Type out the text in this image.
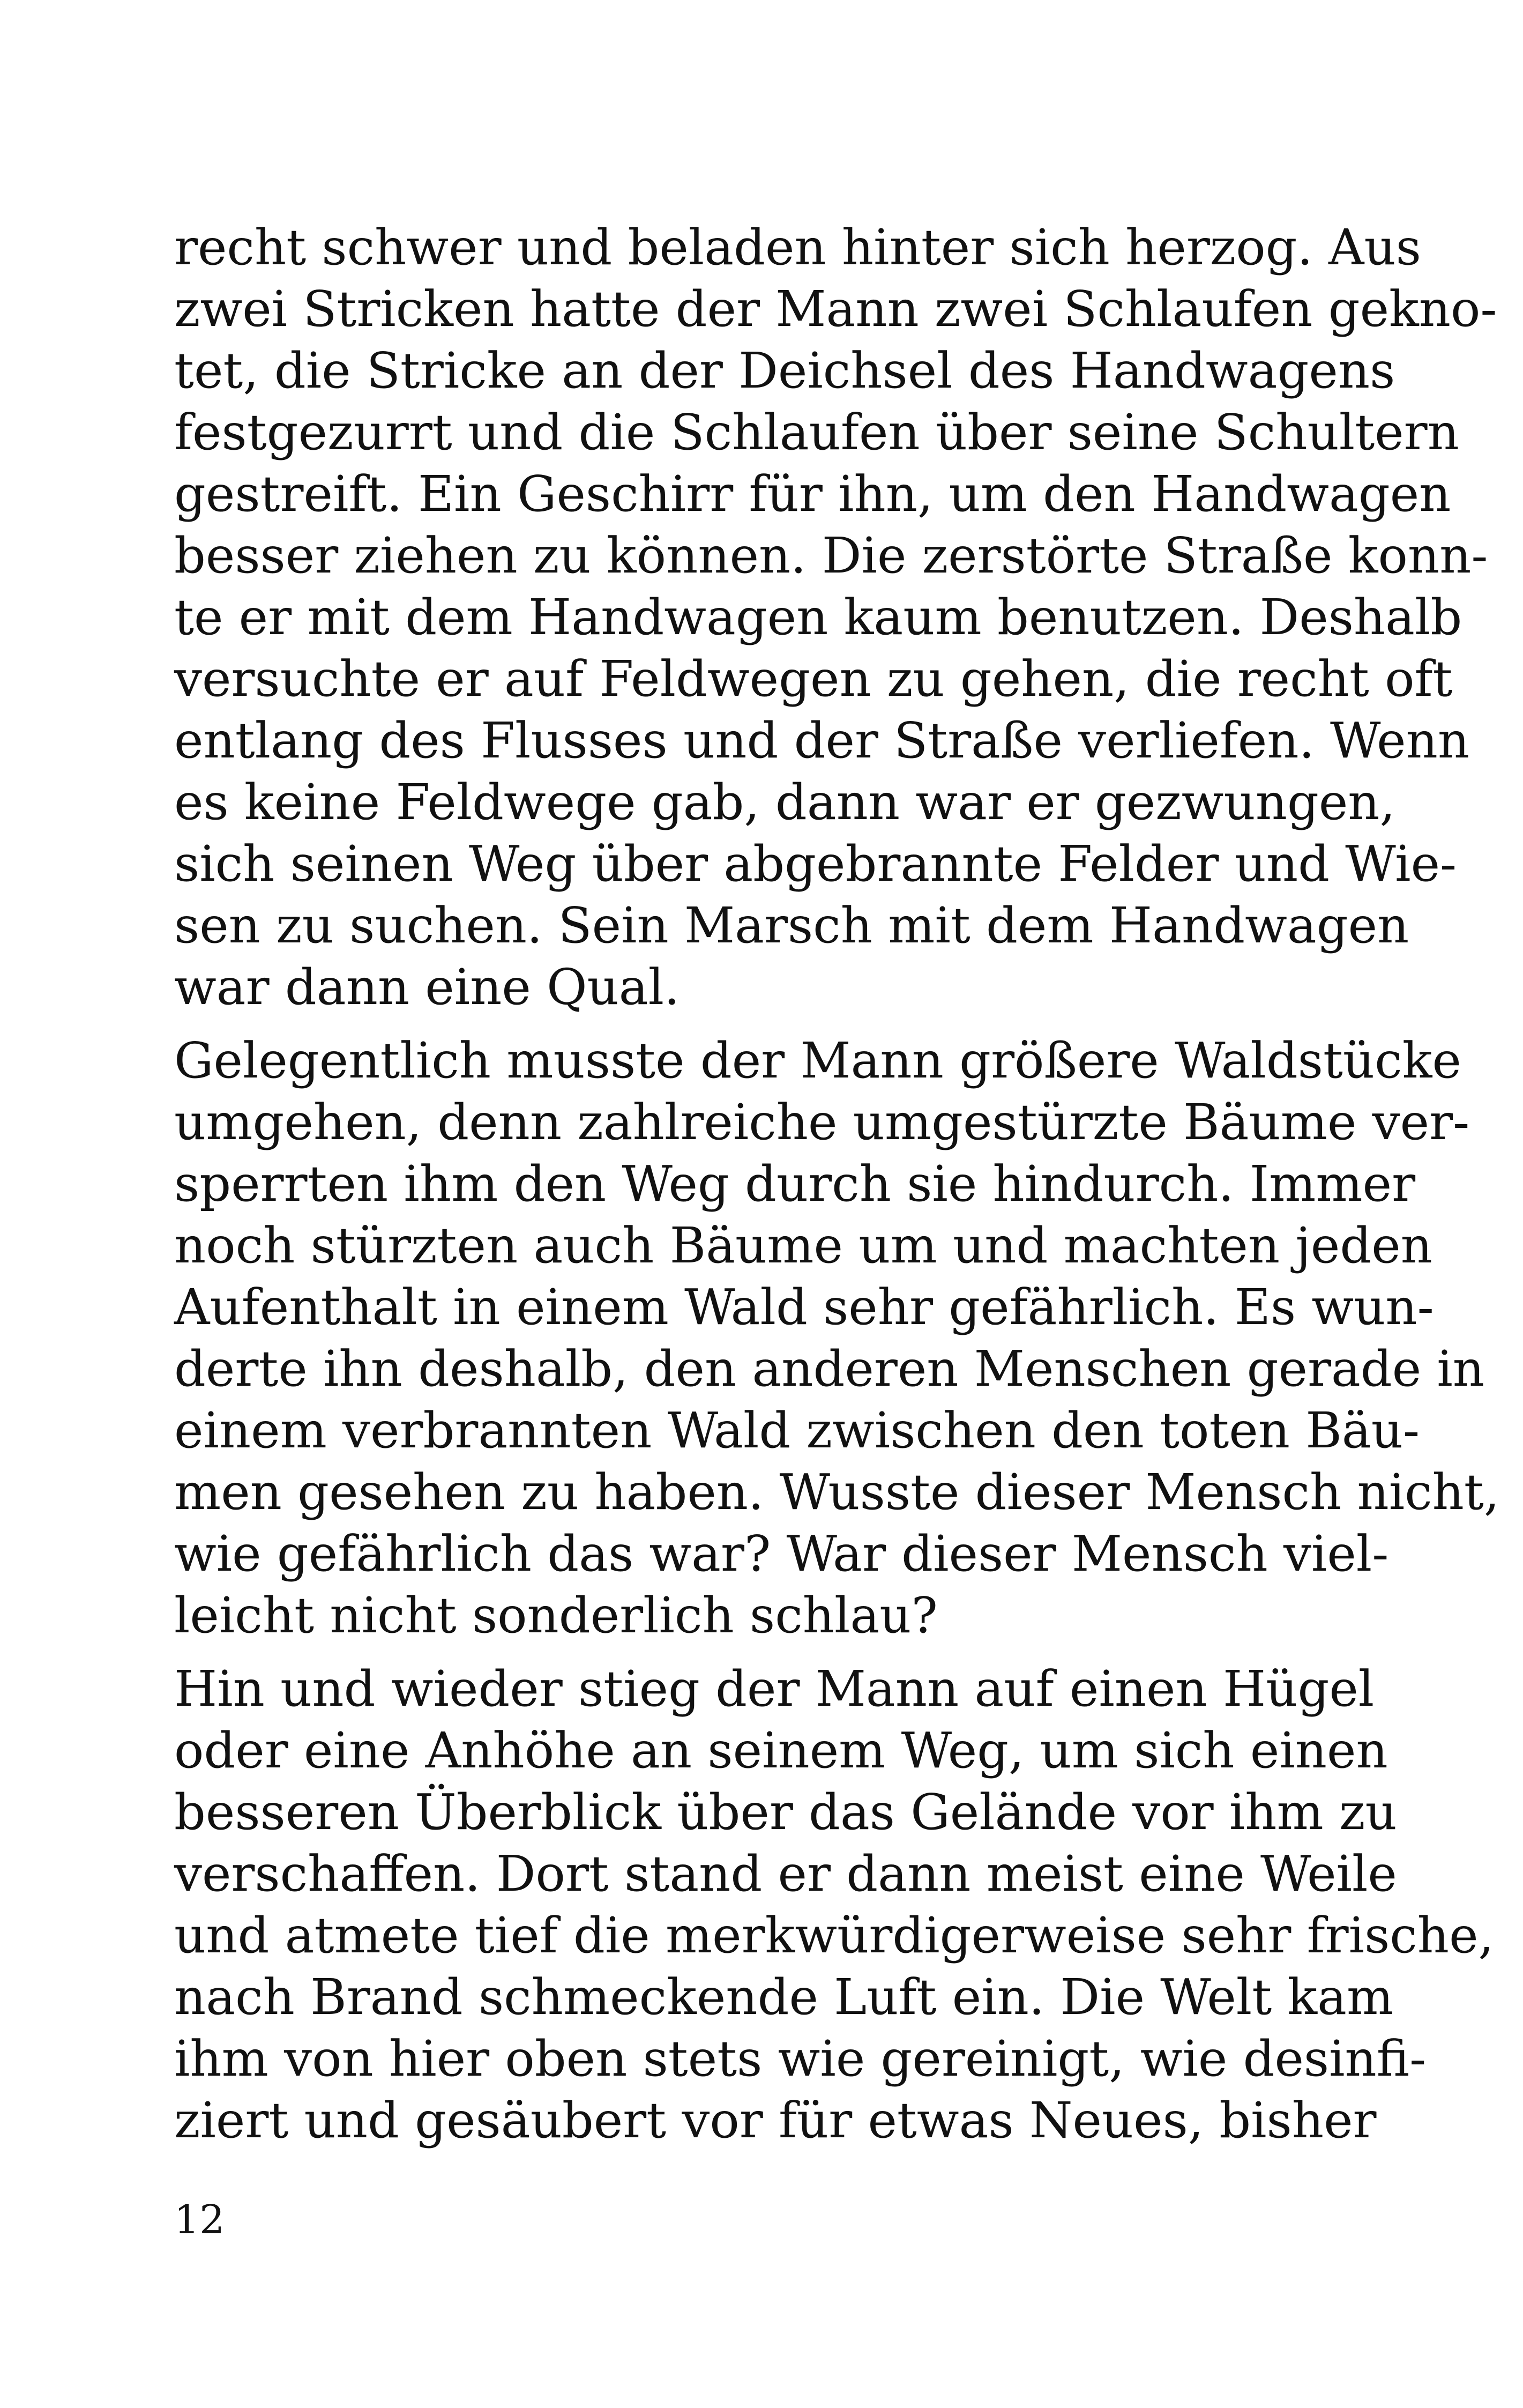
recht schwer und beladen hinter sich herzog. Aus
zwei Stricken hatte der Mann zwei Schlaufen gekno-
tet, die Stricke an der Deichsel des Handwagens
festgezurrt und die Schlaufen über seine Schultern
gestreift. Ein Geschirr für ihn, um den Handwagen
besser ziehen zu können. Die zerstörte Straße konn-
te er mit dem Handwagen kaum benutzen. Deshalb
versuchte er auf Feldwegen zu gehen, die recht oft
entlang des Flusses und der Straße verliefen. Wenn
es keine Feldwege gab, dann war er gezwungen,
sich seinen Weg über abgebrannte Felder und Wie-
sen zu suchen. Sein Marsch mit dem Handwagen
war dann eine Qual.
Gelegentlich musste der Mann größere Waldstücke
umgehen, denn zahlreiche umgestürzte Bäume ver-
sperrten ihm den Weg durch sie hindurch. Immer
noch stürzten auch Bäume um und machten jeden
Aufenthalt in einem Wald sehr gefährlich. Es wun-
derte ihn deshalb, den anderen Menschen gerade in
einem verbrannten Wald zwischen den toten Bäu-
men gesehen zu haben. Wusste dieser Mensch nicht,
wie gefährlich das war? War dieser Mensch viel-
leicht nicht sonderlich schlau?
Hin und wieder stieg der Mann auf einen Hügel
oder eine Anhöhe an seinem Weg, um sich einen
besseren Überblick über das Gelände vor ihm zu
verschaffen. Dort stand er dann meist eine Weile
und atmete tief die merkwürdigerweise sehr frische,
nach Brand schmeckende Luft ein. Die Welt kam
ihm von hier oben stets wie gereinigt, wie desinfi-
ziert und gesäubert vor für etwas Neues, bisher
12
